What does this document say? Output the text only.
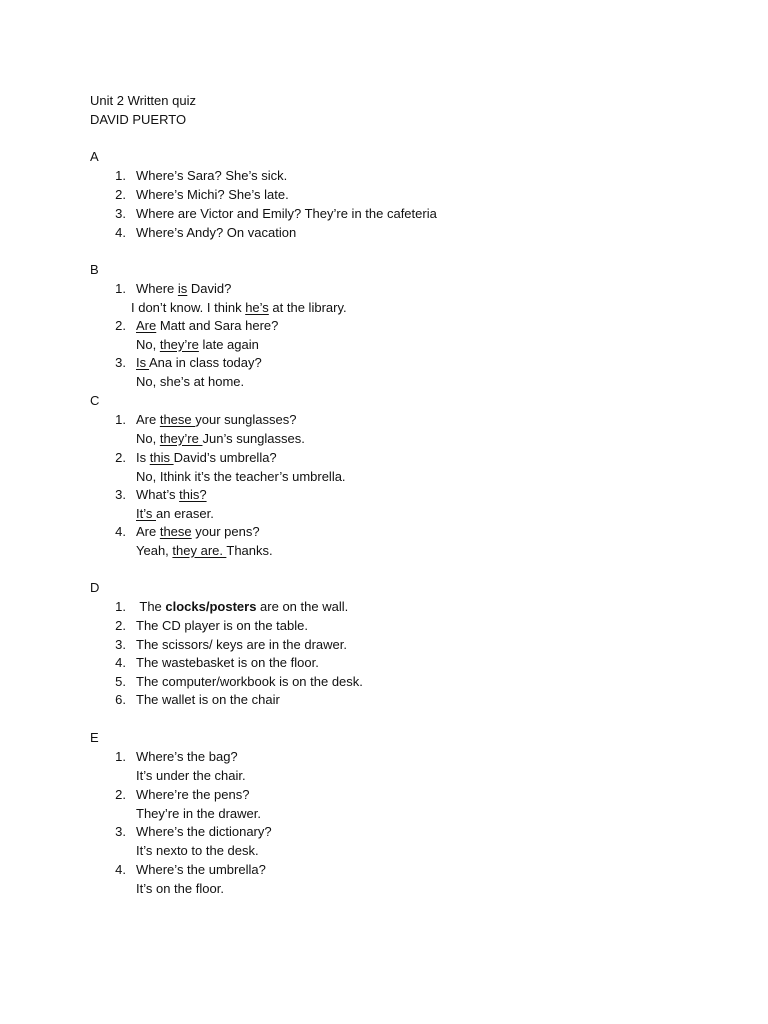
Unit 2 Written quiz
DAVID PUERTO
A
1. Where’s Sara? She’s sick.
2. Where’s Michi? She’s late.
3. Where are Victor and Emily? They’re in the cafeteria
4. Where’s Andy? On vacation
B
1. Where is David?
I don’t know. I think he’s at the library.
2. Are Matt and Sara here?
No, they’re late again
3. Is Ana in class today?
No, she’s at home.
C
1. Are these your sunglasses?
No, they’re Jun’s sunglasses.
2. Is this David’s umbrella?
No, Ithink it’s the teacher’s umbrella.
3. What’s this?
It’s an eraser.
4. Are these your pens?
Yeah, they are. Thanks.
D
1. The clocks/posters are on the wall.
2. The CD player is on the table.
3. The scissors/ keys are in the drawer.
4. The wastebasket is on the floor.
5. The computer/workbook is on the desk.
6. The wallet is on the chair
E
1. Where’s the bag?
It’s under the chair.
2. Where’re the pens?
They’re in the drawer.
3. Where’s the dictionary?
It’s nexto to the desk.
4. Where’s the umbrella?
It’s on the floor.
